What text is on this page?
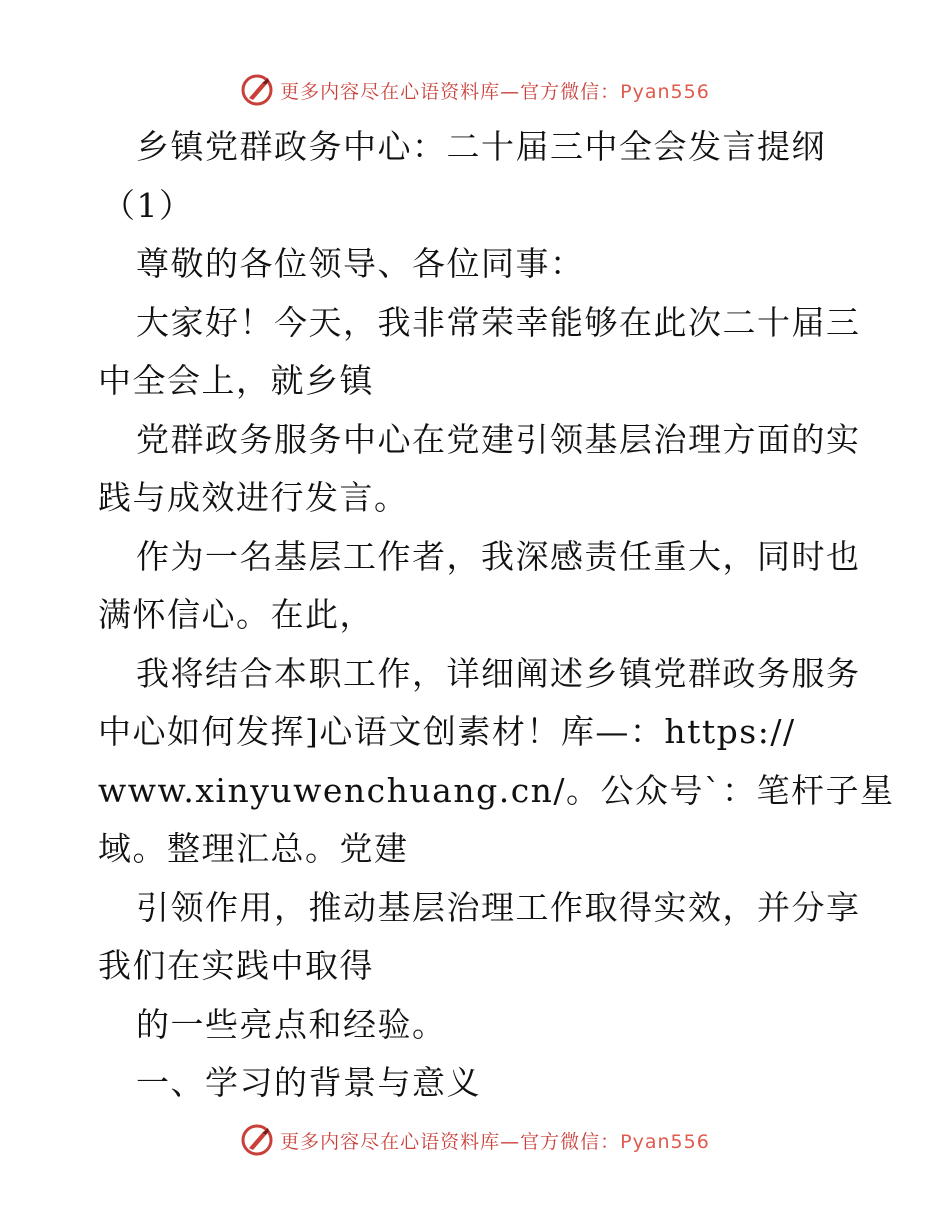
更多内容尽在心语资料库—官方微信：Pyan556
乡镇党群政务中心：二十届三中全会发言提纲
（1）
尊敬的各位领导、各位同事：
大家好！今天，我非常荣幸能够在此次二十届三
中全会上，就乡镇
党群政务服务中心在党建引领基层治理方面的实
践与成效进行发言。
作为一名基层工作者，我深感责任重大，同时也
满怀信心。在此，
我将结合本职工作，详细阐述乡镇党群政务服务
中心如何发挥]心语文创素材！库—：https://
www.xinyuwenchuang.cn/。公众号`：笔杆子星
域。整理汇总。党建
引领作用，推动基层治理工作取得实效，并分享
我们在实践中取得
的一些亮点和经验。
一、学习的背景与意义
更多内容尽在心语资料库—官方微信：Pyan556
